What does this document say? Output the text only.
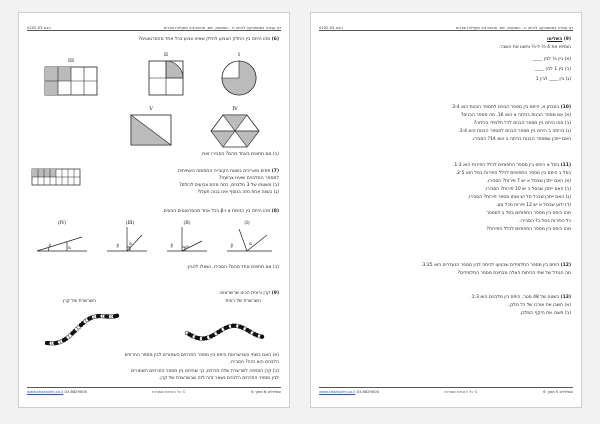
דף עבודה במתמטיקה לכיתה ח - השוואות, יחס, פרופורציה ושקילות שברים
הבא-0202-03
(6) מהו היחס בין החלק הצבוע לחלק שאינו צבוע בכל אחד מהסרטוטים?
III
II	I
V	IV
(ב) אם מתאים באחד מהם? הסבירו זאת.
(7) פסים מאריכים בשטח הקובייה החתומה האמיתית.
למספר המלבנים שאינו צבועה?
(ב) משטחו של 3 מלבנים, כמה מהם צבועים לכולם?
(ג) בשנה אחת מזה בנוסף אינו גבוה תעלו?
(8) מהו היחס בין הזוויות α ו-β בכל אחד מהסרטוטים הבאים.
(IV)	(III)	(II)	(I)
β	α	β α	β	α	β	α
(ב) אם מתאים אחד מהם? הסבירו, ושאלו להבין.
(9) קרן ורונית הכינו שרשראות.
השרשרת של רונית
השרשרת של קרן
(א) האם בשתי השרשראות היחס בין מספר החרוזים השחורים לבין מספר החרוזים
הלבנים הוא זהה? הסבירו.
(ב) קרן הוסיפה לשרשרת שלה חרוזים, כך שהיחס בין מספר החרוזים השחורים
לבין מספר החרוזים הלבנים נשאר זהה לזה שבשרשרת של קרן.
שאלולים 6 מתוך 6
© כל הזכויות שמורות
03-6829000 www.shaalulim.co.il
דף עבודה במתמטיקה לכיתה ח - השוואות, יחס, פרופורציה ושקילות שברים
הבא-0202-03
(9) השלימו
הוסיפו את 4 ⅔ ל-⅓ והשוו את השבר.
(א) בין ⅓ לבין ____
(ב) בין 1 לבין ____
(ג) בין ____ לבין 1
(10) במבחן א, היחס בין מספר הבנים למספר הבנות הוא 3:4.
(א) אם מספר הבנות בכיתה א הוא 16, מה מספר הבנים?
(ב) מהו היחס בין מספר הבנים לכל תלמידי הכיתה?
(ג) בכיתה ב היחס בין מספר הבנים למספר הבנות הוא 3:4.
האם ייתכן שמספר הבנות בכיתה ב הוא 14? הסבירו.
(11) בסל א היחס בין מספר התפוחים לכלל הפירות הוא 1:3.
בסל ב היחס בין מספר התפוחים לכלל הפירות בסל הוא 2:5.
(א) האם ייתכן שבסל א יש 7 פירות? הסבירו.
(ב) האם ייתכן שבסל ב יש 10 פירות? הסבירו.
(ג) האם ייתכן שבכל סל יש אותו מספר פירות? הסבירו.
(ד) ידוע שבסל א יש 12 פירות מכל סוג.
מהו היחס בין מספר התפוחים בסל ב למספר
כל הפירות בסל ב? הסבירו.
מהו היחס בין מספר התפוחים לכלל הפירות?
(12) היחס בין מספר התלמידים שהגיעו לכיתה לבין מספר הנעדרים הוא 3:25.
מה הגודל של שתי הכיתות האלה מבחינת מספר התלמידים?
(13) בשטח של 48 מטר, היחס בין מלבנים הוא 1:3.
(א) חשבו את אורכו של כל מלבן.
(ב) חשבו את היקף המלבן.
שאלולים 5 מתוך 6
© כל הזכויות שמורות
03-6829000 www.shaalulim.co.il
